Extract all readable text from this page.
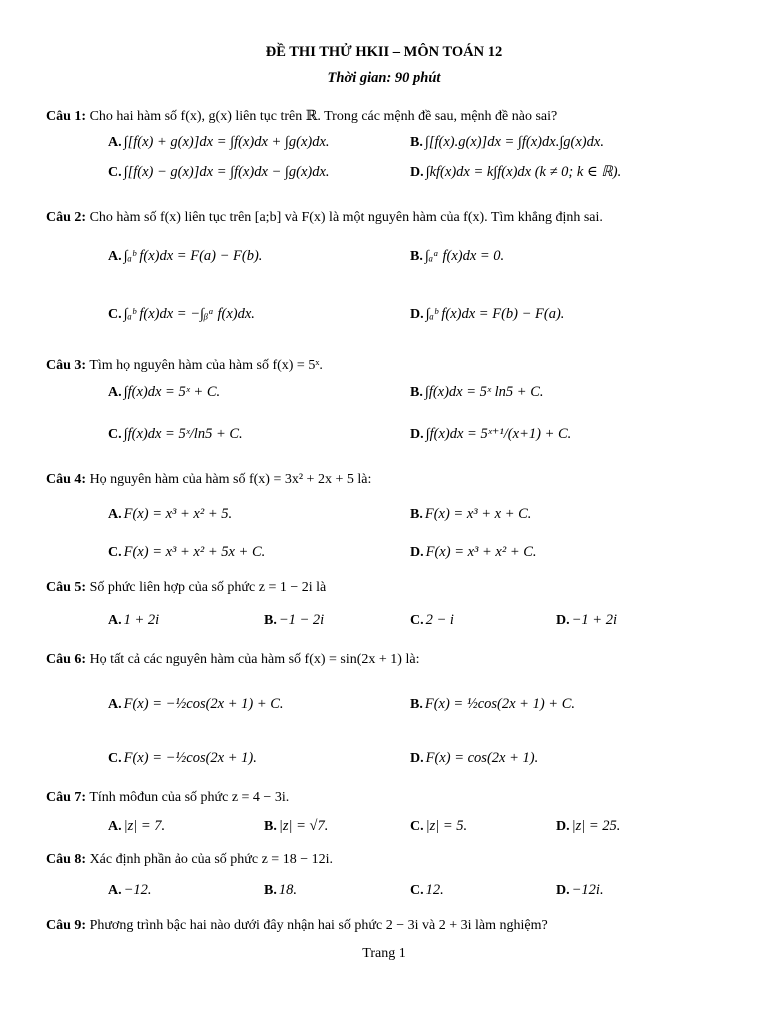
ĐỀ THI THỬ HKII – MÔN TOÁN 12
Thời gian: 90 phút
Câu 1: Cho hai hàm số f(x), g(x) liên tục trên ℝ. Trong các mệnh đề sau, mệnh đề nào sai?
A. ∫[f(x) + g(x)]dx = ∫f(x)dx + ∫g(x)dx.	B. ∫[f(x).g(x)]dx = ∫f(x)dx.∫g(x)dx.
C. ∫[f(x) − g(x)]dx = ∫f(x)dx − ∫g(x)dx.	D. ∫kf(x)dx = k∫f(x)dx (k ≠ 0; k ∈ ℝ).
Câu 2: Cho hàm số f(x) liên tục trên [a;b] và F(x) là một nguyên hàm của f(x). Tìm khẳng định sai.
A. ∫ₐᵇ f(x)dx = F(a) − F(b).	B. ∫ₐᵃ f(x)dx = 0.
C. ∫ₐᵇ f(x)dx = −∫ᵦᵃ f(x)dx.	D. ∫ₐᵇ f(x)dx = F(b) − F(a).
Câu 3: Tìm họ nguyên hàm của hàm số f(x) = 5ˣ.
A. ∫f(x)dx = 5ˣ + C.	B. ∫f(x)dx = 5ˣ ln5 + C.
C. ∫f(x)dx = 5ˣ/ln5 + C.	D. ∫f(x)dx = 5ˣ⁺¹/(x+1) + C.
Câu 4: Họ nguyên hàm của hàm số f(x) = 3x² + 2x + 5 là:
A. F(x) = x³ + x² + 5.	B. F(x) = x³ + x + C.
C. F(x) = x³ + x² + 5x + C.	D. F(x) = x³ + x² + C.
Câu 5: Số phức liên hợp của số phức z = 1 − 2i là
A. 1 + 2i	B. −1 − 2i	C. 2 − i	D. −1 + 2i
Câu 6: Họ tất cả các nguyên hàm của hàm số f(x) = sin(2x + 1) là:
A. F(x) = −½cos(2x + 1) + C.	B. F(x) = ½cos(2x + 1) + C.
C. F(x) = −½cos(2x + 1).	D. F(x) = cos(2x + 1).
Câu 7: Tính môđun của số phức z = 4 − 3i.
A. |z| = 7.	B. |z| = √7.	C. |z| = 5.	D. |z| = 25.
Câu 8: Xác định phần ảo của số phức z = 18 − 12i.
A. −12.	B. 18.	C. 12.	D. −12i.
Câu 9: Phương trình bậc hai nào dưới đây nhận hai số phức 2 − 3i và 2 + 3i làm nghiệm?
Trang 1
